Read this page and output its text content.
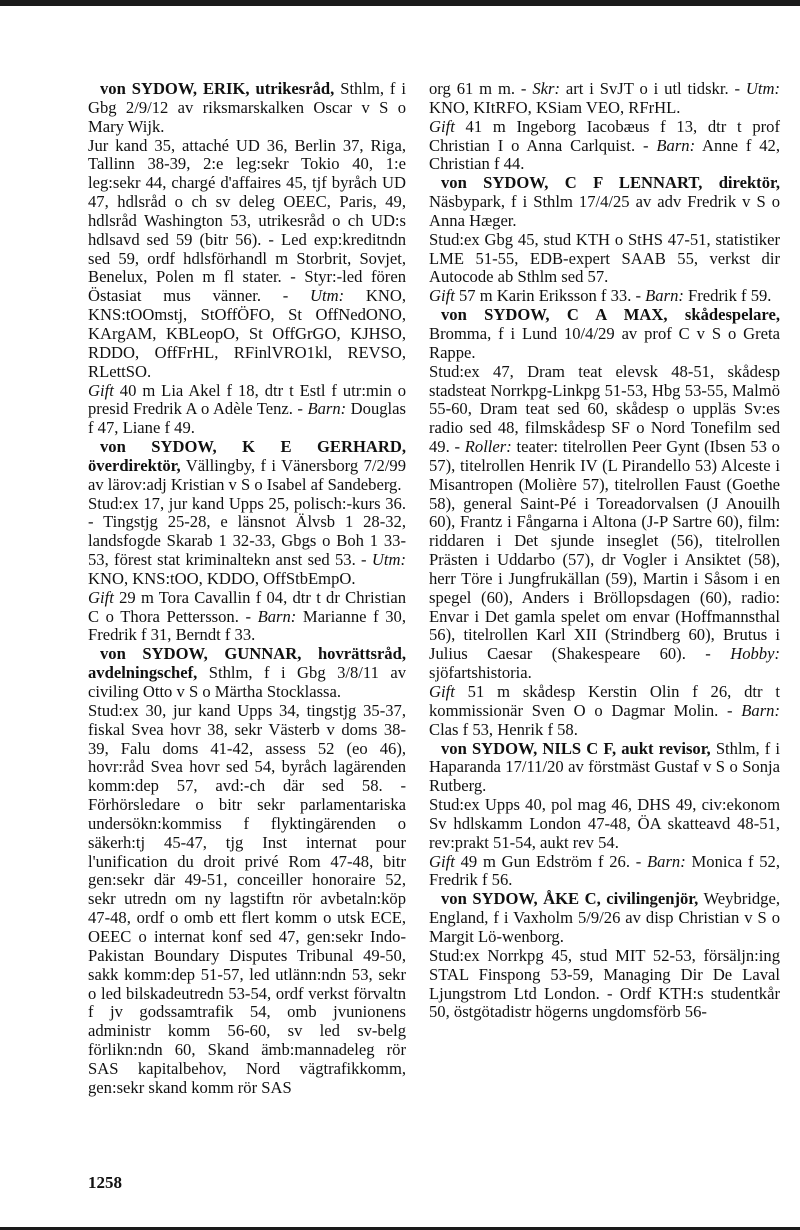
von SYDOW, ERIK, utrikesråd, Sthlm, f i Gbg 2/9/12 av riksmarskalken Oscar v S o Mary Wijk.

Jur kand 35, attaché UD 36, Berlin 37, Riga, Tallinn 38-39, 2:e leg:sekr Tokio 40, 1:e leg:sekr 44, chargé d'affaires 45, tjf byråch UD 47, hdlsråd o ch sv deleg OEEC, Paris, 49, hdlsråd Washington 53, utrikesråd o ch UD:s hdlsavd sed 59 (bitr 56). - Led exp:kreditndn sed 59, ordf hdlsförhandl m Storbrit, Sovjet, Benelux, Polen m fl stater. - Styr:-led fören Östasiat mus vänner. - Utm: KNO, KNS:tOOmstj, StOffÖFO, St OffNedONO, KArgAM, KBLeopO, St OffGrGO, KJHSO, RDDO, OffFrHL, RFinlVRO1kl, REVSO, RLettSO.

Gift 40 m Lia Akel f 18, dtr t Estl f utr:min o presid Fredrik A o Adèle Tenz. - Barn: Douglas f 47, Liane f 49.

von SYDOW, K E GERHARD, överdirektör, Vällingby, f i Vänersborg 7/2/99 av lärov:adj Kristian v S o Isabel af Sandeberg.

Stud:ex 17, jur kand Upps 25, polisch:-kurs 36. - Tingstjg 25-28, e länsnot Älvsb 1 28-32, landsfogde Skarab 1 32-33, Gbgs o Boh 1 33-53, förest stat kriminaltekn anst sed 53. - Utm: KNO, KNS:tOO, KDDO, OffStbEmpO.

Gift 29 m Tora Cavallin f 04, dtr t dr Christian C o Thora Pettersson. - Barn: Marianne f 30, Fredrik f 31, Berndt f 33.

von SYDOW, GUNNAR, hovrättsråd, avdelningschef, Sthlm, f i Gbg 3/8/11 av civiling Otto v S o Märtha Stocklassa.

Stud:ex 30, jur kand Upps 34, tingstjg 35-37, fiskal Svea hovr 38, sekr Västerb v doms 38-39, Falu doms 41-42, assess 52 (eo 46), hovr:råd Svea hovr sed 54, byråch lagärenden komm:dep 57, avd:-ch där sed 58. - Förhörsledare o bitr sekr parlamentariska undersökn:kommiss f flyktingärenden o säkerh:tj 45-47, tjg Inst internat pour l'unification du droit privé Rom 47-48, bitr gen:sekr där 49-51, conceiller honoraire 52, sekr utredn om ny lagstiftn rör avbetaln:köp 47-48, ordf o omb ett flert komm o utsk ECE, OEEC o internat konf sed 47, gen:sekr Indo-Pakistan Boundary Disputes Tribunal 49-50, sakk komm:dep 51-57, led utlänn:ndn 53, sekr o led bilskadeutredn 53-54, ordf verkst förvaltn f jv godssamtrafik 54, omb jvunionens administr komm 56-60, sv led sv-belg förlikn:ndn 60, Skand ämb:mannadeleg rör SAS kapitalbehov, Nord vägtrafikkomm, gen:sekr skand komm rör SAS

org 61 m m. - Skr: art i SvJT o i utl tidskr. - Utm: KNO, KItRFO, KSiam VEO, RFrHL.

Gift 41 m Ingeborg Iacobæus f 13, dtr t prof Christian I o Anna Carlquist. - Barn: Anne f 42, Christian f 44.

von SYDOW, C F LENNART, direktör, Näsbypark, f i Sthlm 17/4/25 av adv Fredrik v S o Anna Hæger.

Stud:ex Gbg 45, stud KTH o StHS 47-51, statistiker LME 51-55, EDB-expert SAAB 55, verkst dir Autocode ab Sthlm sed 57.

Gift 57 m Karin Eriksson f 33. - Barn: Fredrik f 59.

von SYDOW, C A MAX, skådespelare, Bromma, f i Lund 10/4/29 av prof C v S o Greta Rappe.

Stud:ex 47, Dram teat elevsk 48-51, skådesp stadsteat Norrkpg-Linkpg 51-53, Hbg 53-55, Malmö 55-60, Dram teat sed 60, skådesp o uppläs Sv:es radio sed 48, filmskådesp SF o Nord Tonefilm sed 49. - Roller: teater: titelrollen Peer Gynt (Ibsen 53 o 57), titelrollen Henrik IV (L Pirandello 53) Alceste i Misantropen (Molière 57), titelrollen Faust (Goethe 58), general Saint-Pé i Toreadorvalsen (J Anouilh 60), Frantz i Fångarna i Altona (J-P Sartre 60), film: riddaren i Det sjunde inseglet (56), titelrollen Prästen i Uddarbo (57), dr Vogler i Ansiktet (58), herr Töre i Jungfrukällan (59), Martin i Såsom i en spegel (60), Anders i Bröllopsdagen (60), radio: Envar i Det gamla spelet om envar (Hoffmannsthal 56), titelrollen Karl XII (Strindberg 60), Brutus i Julius Caesar (Shakespeare 60). - Hobby: sjöfartshistoria.

Gift 51 m skådesp Kerstin Olin f 26, dtr t kommissionär Sven O o Dagmar Molin. - Barn: Clas f 53, Henrik f 58.

von SYDOW, NILS C F, aukt revisor, Sthlm, f i Haparanda 17/11/20 av förstmäst Gustaf v S o Sonja Rutberg.

Stud:ex Upps 40, pol mag 46, DHS 49, civ:ekonom Sv hdlskamm London 47-48, ÖA skatteavd 48-51, rev:prakt 51-54, aukt rev 54.

Gift 49 m Gun Edström f 26. - Barn: Monica f 52, Fredrik f 56.

von SYDOW, ÅKE C, civilingenjör, Weybridge, England, f i Vaxholm 5/9/26 av disp Christian v S o Margit Lö-wenborg.

Stud:ex Norrkpg 45, stud MIT 52-53, försäljn:ing STAL Finspong 53-59, Managing Dir De Laval Ljungstrom Ltd London. - Ordf KTH:s studentkår 50, östgötadistr högerns ungdomsförb 56-

1258
